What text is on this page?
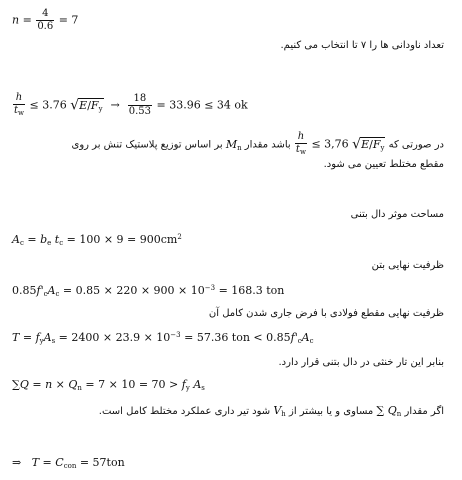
$n = \frac{4}{0.6} = 7$
تعداد ناودانی ها را ۷ تا انتخاب می کنیم.
$\frac{h}{t_w} \le 3.76$ $√E/F_y \to \frac{18}{0.53} = 33.96 \le 34$ ok
در صورتی که
$\frac{h}{t_w} \le 3,76$ $√E/F_y$ باشد مقدار $M_n$ بر اساس توزیع پلاستیک تنش بر روی
مقطع مختلط تعیین می شود.
مساحت موثر دال بتنی
$A_c = b_e$ $t_c = 100 \times 9 = 900cm^2$
ظرفیت نهایی بتن
$0.85f'_cA_c = 0.85 \times 220 \times 900 \times 10^{-3} = 168.3$ ton
ظرفیت نهایی مقطع فولادی با فرض جاری شدن کامل آن
$T = f_yA_s = 2400 \times 23.9 \times 10^{-3} = 57.36$ ton < $0.85f'_cA_c$
بنابر این تار خنثی در دال بتنی قرار دارد.
$\sum Q = n \times Q_n = 7 \times 10 = 70 > f_y$ $A_s$
اگر مقدار ∑ $Q_n$ مساوی و یا بیشتر از $V_h$ شود تیر داری عملکرد مختلط کامل است.
⇒ $T = C_{con} = 57ton$
